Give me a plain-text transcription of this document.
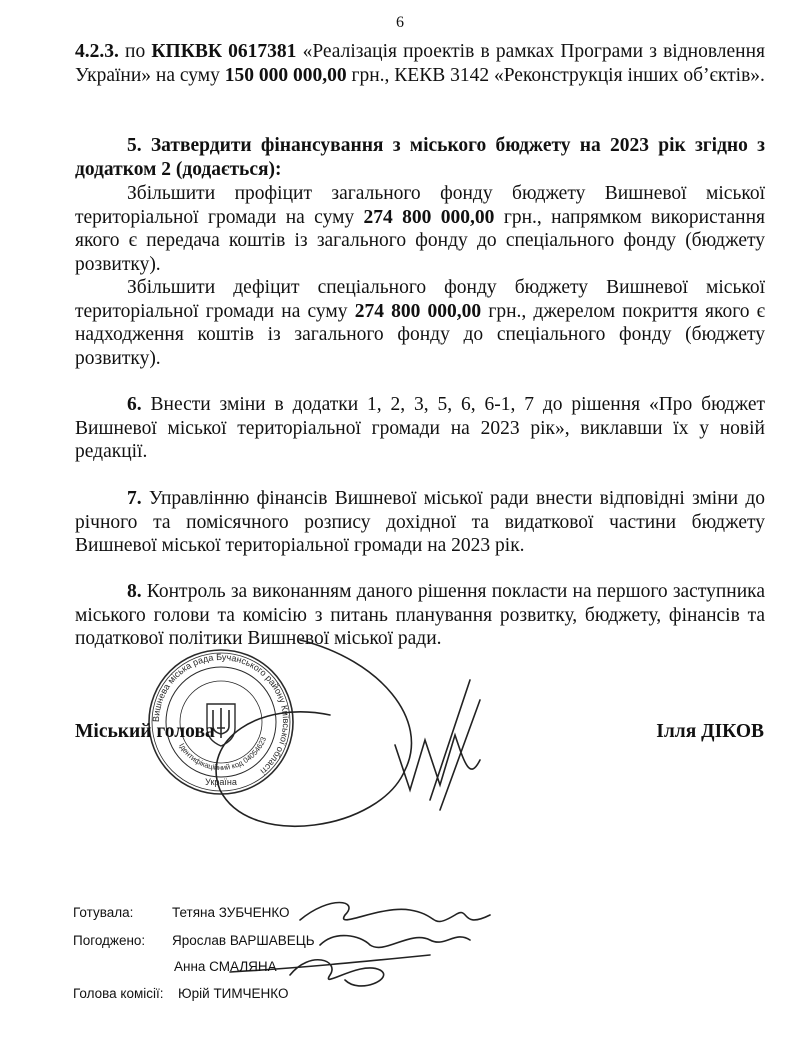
6
4.2.3. по КПКВК 0617381 «Реалізація проектів в рамках Програми з відновлення України» на суму 150 000 000,00 грн., КЕКВ 3142 «Реконструкція інших об’єктів».
5. Затвердити фінансування з міського бюджету на 2023 рік згідно з додатком 2 (додається):
Збільшити профіцит загального фонду бюджету Вишневої міської територіальної громади на суму 274 800 000,00 грн., напрямком використання якого є передача коштів із загального фонду до спеціального фонду (бюджету розвитку).
Збільшити дефіцит спеціального фонду бюджету Вишневої міської територіальної громади на суму 274 800 000,00 грн., джерелом покриття якого є надходження коштів із загального фонду до спеціального фонду (бюджету розвитку).
6. Внести зміни в додатки 1, 2, 3, 5, 6, 6-1, 7 до рішення «Про бюджет Вишневої міської територіальної громади на 2023 рік», виклавши їх у новій редакції.
7. Управлінню фінансів Вишневої міської ради внести відповідні зміни до річного та помісячного розпису дохідної та видаткової частини бюджету Вишневої міської територіальної громади на 2023 рік.
8. Контроль за виконанням даного рішення покласти на першого заступника міського голови та комісію з питань планування розвитку, бюджету, фінансів та податкової політики Вишневої міської ради.
Вишнева міська рада Бучанського району Київської області
Ідентифікаційний код 04054623
Україна
Міський голова	Ілля ДІКОВ
Готувала:	Тетяна ЗУБЧЕНКО
Погоджено: Ярослав ВАРШАВЕЦЬ
Анна СМАЛЯНА
Голова комісії: Юрій ТИМЧЕНКО
